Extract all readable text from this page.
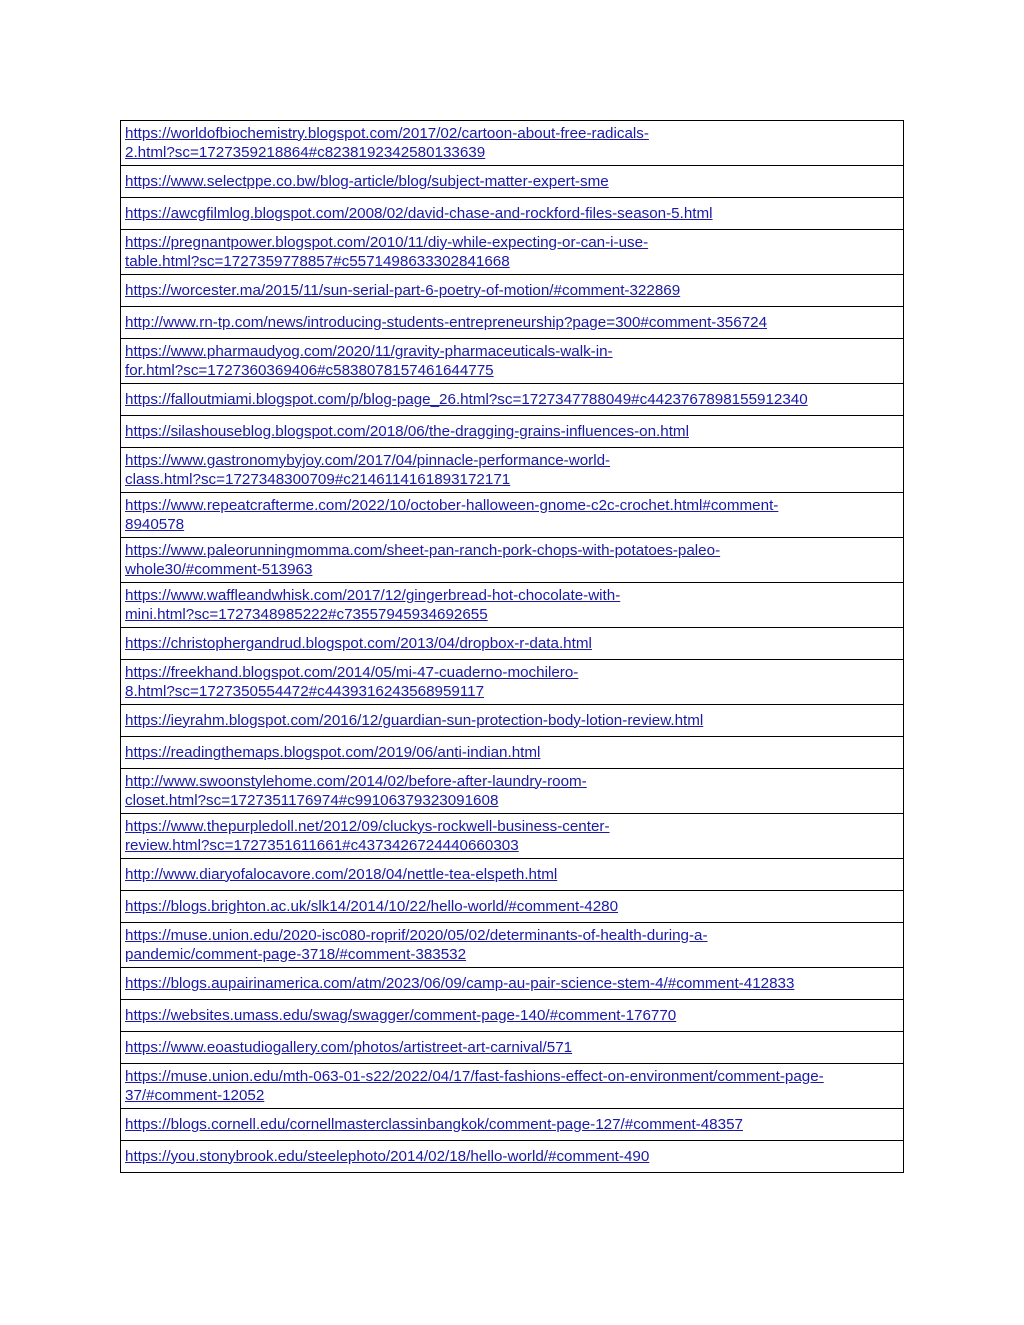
https://worldofbiochemistry.blogspot.com/2017/02/cartoon-about-free-radicals-
2.html?sc=1727359218864#c8238192342580133639
https://www.selectppe.co.bw/blog-article/blog/subject-matter-expert-sme
https://awcgfilmlog.blogspot.com/2008/02/david-chase-and-rockford-files-season-5.html
https://pregnantpower.blogspot.com/2010/11/diy-while-expecting-or-can-i-use-
table.html?sc=1727359778857#c5571498633302841668
https://worcester.ma/2015/11/sun-serial-part-6-poetry-of-motion/#comment-322869
http://www.rn-tp.com/news/introducing-students-entrepreneurship?page=300#comment-356724
https://www.pharmaudyog.com/2020/11/gravity-pharmaceuticals-walk-in-
for.html?sc=1727360369406#c5838078157461644775
https://falloutmiami.blogspot.com/p/blog-page_26.html?sc=1727347788049#c4423767898155912340
https://silashouseblog.blogspot.com/2018/06/the-dragging-grains-influences-on.html
https://www.gastronomybyjoy.com/2017/04/pinnacle-performance-world-
class.html?sc=1727348300709#c2146114161893172171
https://www.repeatcrafterme.com/2022/10/october-halloween-gnome-c2c-crochet.html#comment-
8940578
https://www.paleorunningmomma.com/sheet-pan-ranch-pork-chops-with-potatoes-paleo-
whole30/#comment-513963
https://www.waffleandwhisk.com/2017/12/gingerbread-hot-chocolate-with-
mini.html?sc=1727348985222#c7355794593469265​5
https://christophergandrud.blogspot.com/2013/04/dropbox-r-data.html
https://freekhand.blogspot.com/2014/05/mi-47-cuaderno-mochilero-
8.html?sc=1727350554472#c4439316243568959117
https://ieyrahm.blogspot.com/2016/12/guardian-sun-protection-body-lotion-review.html
https://readingthemaps.blogspot.com/2019/06/anti-indian.html
http://www.swoonstylehome.com/2014/02/before-after-laundry-room-
closet.html?sc=1727351176974#c9910637932309160​8
https://www.thepurpledoll.net/2012/09/cluckys-rockwell-business-center-
review.html?sc=1727351611661#c4373426724440660303
http://www.diaryofalocavore.com/2018/04/nettle-tea-elspeth.html
https://blogs.brighton.ac.uk/slk14/2014/10/22/hello-world/#comment-4280
https://muse.union.edu/2020-isc080-roprif/2020/05/02/determinants-of-health-during-a-
pandemic/comment-page-3718/#comment-383532
https://blogs.aupairinamerica.com/atm/2023/06/09/camp-au-pair-science-stem-4/#comment-412833
https://websites.umass.edu/swag/swagger/comment-page-140/#comment-176770
https://www.eoastudiogallery.com/photos/artistreet-art-carnival/571
https://muse.union.edu/mth-063-01-s22/2022/04/17/fast-fashions-effect-on-environment/comment-page-
37/#comment-12052
https://blogs.cornell.edu/cornellmasterclassinbangkok/comment-page-127/#comment-48357
https://you.stonybrook.edu/steelephoto/2014/02/18/hello-world/#comment-490
